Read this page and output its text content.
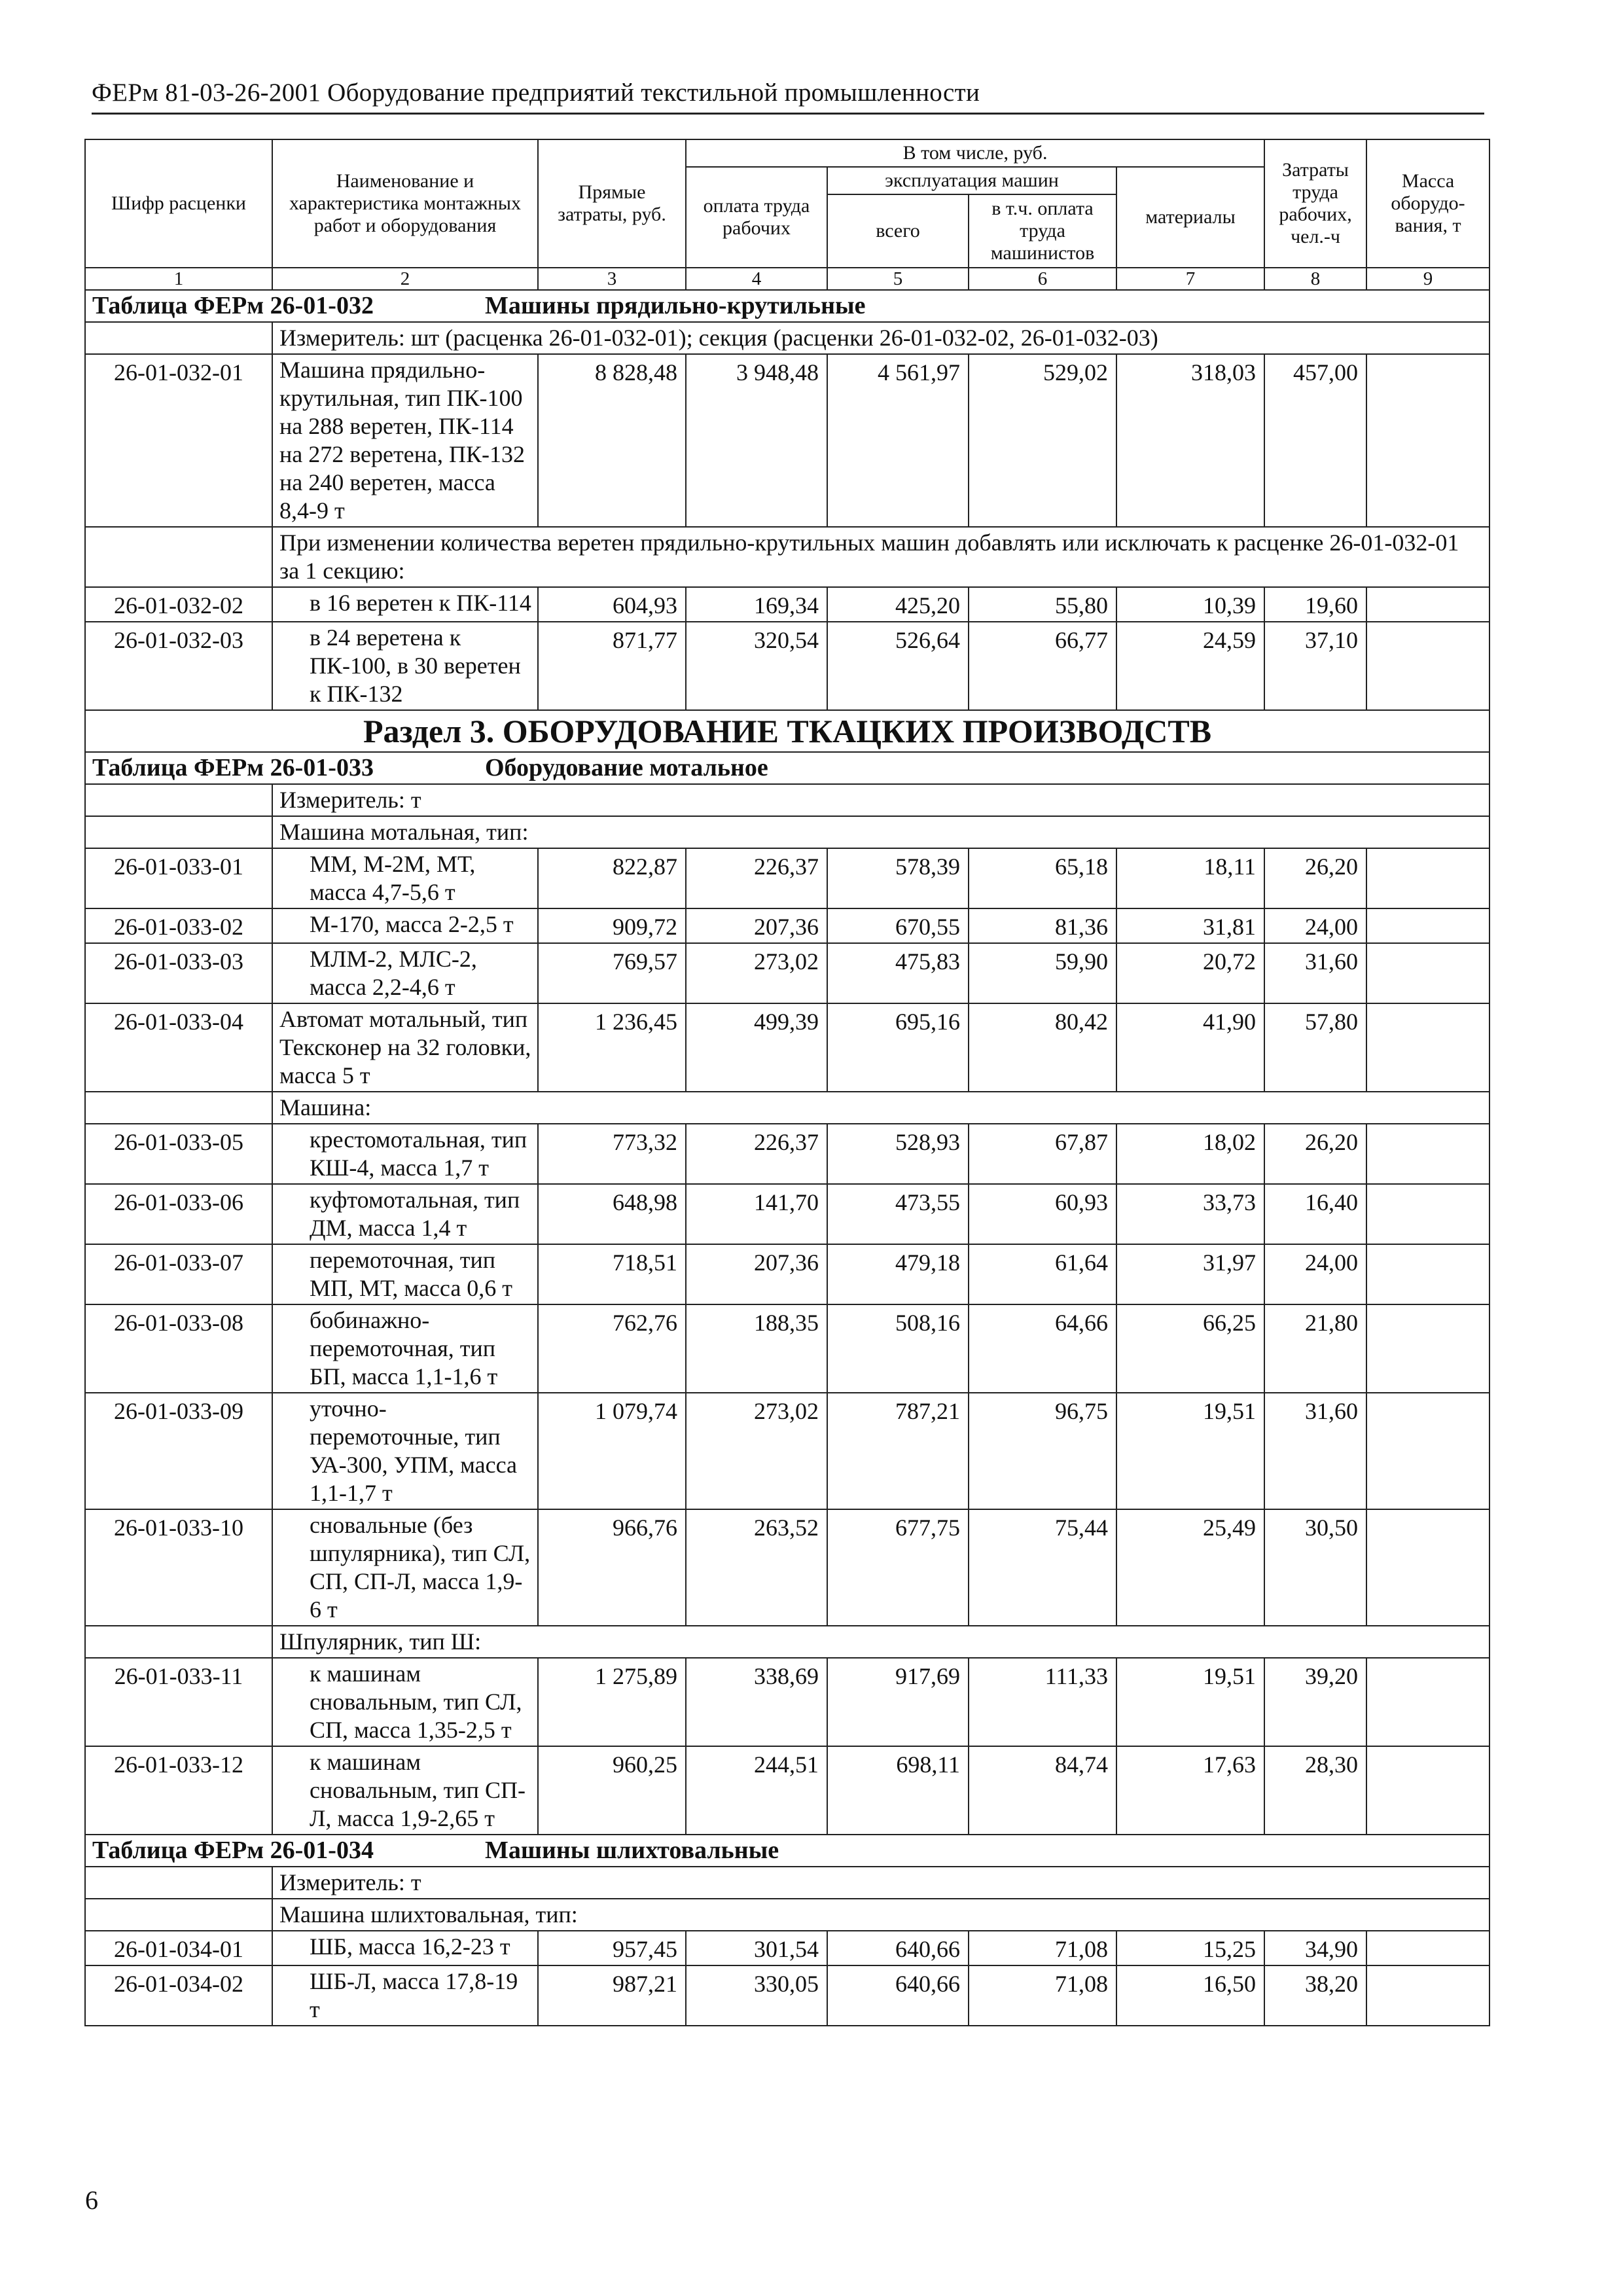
ФЕРм 81-03-26-2001 Оборудование предприятий текстильной промышленности
Шифр расценки	Наименование и характеристика монтажных работ и оборудования	Прямые затраты, руб.	В том числе, руб.				Затраты труда рабочих, чел.-ч	Масса оборудо-вания, т
			оплата труда рабочих	эксплуатация машин		материалы		
				всего	в т.ч. оплата труда машинистов			
1	2	3	4	5	6	7	8	9
Таблица ФЕРм 26-01-032 Машины прядильно-крутильные								
	Измеритель: шт (расценка 26-01-032-01); секция (расценки 26-01-032-02, 26-01-032-03)							
26-01-032-01	Машина прядильно-крутильная, тип ПК-100 на 288 веретен, ПК-114 на 272 веретена, ПК-132 на 240 веретен, масса 8,4-9 т	8 828,48	3 948,48	4 561,97	529,02	318,03	457,00	
	При изменении количества веретен прядильно-крутильных машин добавлять или исключать к расценке 26-01-032-01 за 1 секцию:							
26-01-032-02	в 16 веретен к ПК-114	604,93	169,34	425,20	55,80	10,39	19,60	
26-01-032-03	в 24 веретена к ПК-100, в 30 веретен к ПК-132	871,77	320,54	526,64	66,77	24,59	37,10	
Раздел 3. ОБОРУДОВАНИЕ ТКАЦКИХ ПРОИЗВОДСТВ								
Таблица ФЕРм 26-01-033 Оборудование мотальное								
	Измеритель: т							
	Машина мотальная, тип:							
26-01-033-01	ММ, М-2М, МТ, масса 4,7-5,6 т	822,87	226,37	578,39	65,18	18,11	26,20	
26-01-033-02	М-170, масса 2-2,5 т	909,72	207,36	670,55	81,36	31,81	24,00	
26-01-033-03	МЛМ-2, МЛС-2, масса 2,2-4,6 т	769,57	273,02	475,83	59,90	20,72	31,60	
26-01-033-04	Автомат мотальный, тип Тексконер на 32 головки, масса 5 т	1 236,45	499,39	695,16	80,42	41,90	57,80	
	Машина:							
26-01-033-05	крестомотальная, тип КШ-4, масса 1,7 т	773,32	226,37	528,93	67,87	18,02	26,20	
26-01-033-06	куфтомотальная, тип ДМ, масса 1,4 т	648,98	141,70	473,55	60,93	33,73	16,40	
26-01-033-07	перемоточная, тип МП, МТ, масса 0,6 т	718,51	207,36	479,18	61,64	31,97	24,00	
26-01-033-08	бобинажно-перемоточная, тип БП, масса 1,1-1,6 т	762,76	188,35	508,16	64,66	66,25	21,80	
26-01-033-09	уточно-перемоточные, тип УА-300, УПМ, масса 1,1-1,7 т	1 079,74	273,02	787,21	96,75	19,51	31,60	
26-01-033-10	сновальные (без шпулярника), тип СЛ, СП, СП-Л, масса 1,9-6 т	966,76	263,52	677,75	75,44	25,49	30,50	
	Шпулярник, тип Ш:							
26-01-033-11	к машинам сновальным, тип СЛ, СП, масса 1,35-2,5 т	1 275,89	338,69	917,69	111,33	19,51	39,20	
26-01-033-12	к машинам сновальным, тип СП-Л, масса 1,9-2,65 т	960,25	244,51	698,11	84,74	17,63	28,30	
Таблица ФЕРм 26-01-034 Машины шлихтовальные								
	Измеритель: т							
	Машина шлихтовальная, тип:							
26-01-034-01	ШБ, масса 16,2-23 т	957,45	301,54	640,66	71,08	15,25	34,90	
26-01-034-02	ШБ-Л, масса 17,8-19 т	987,21	330,05	640,66	71,08	16,50	38,20	
6
